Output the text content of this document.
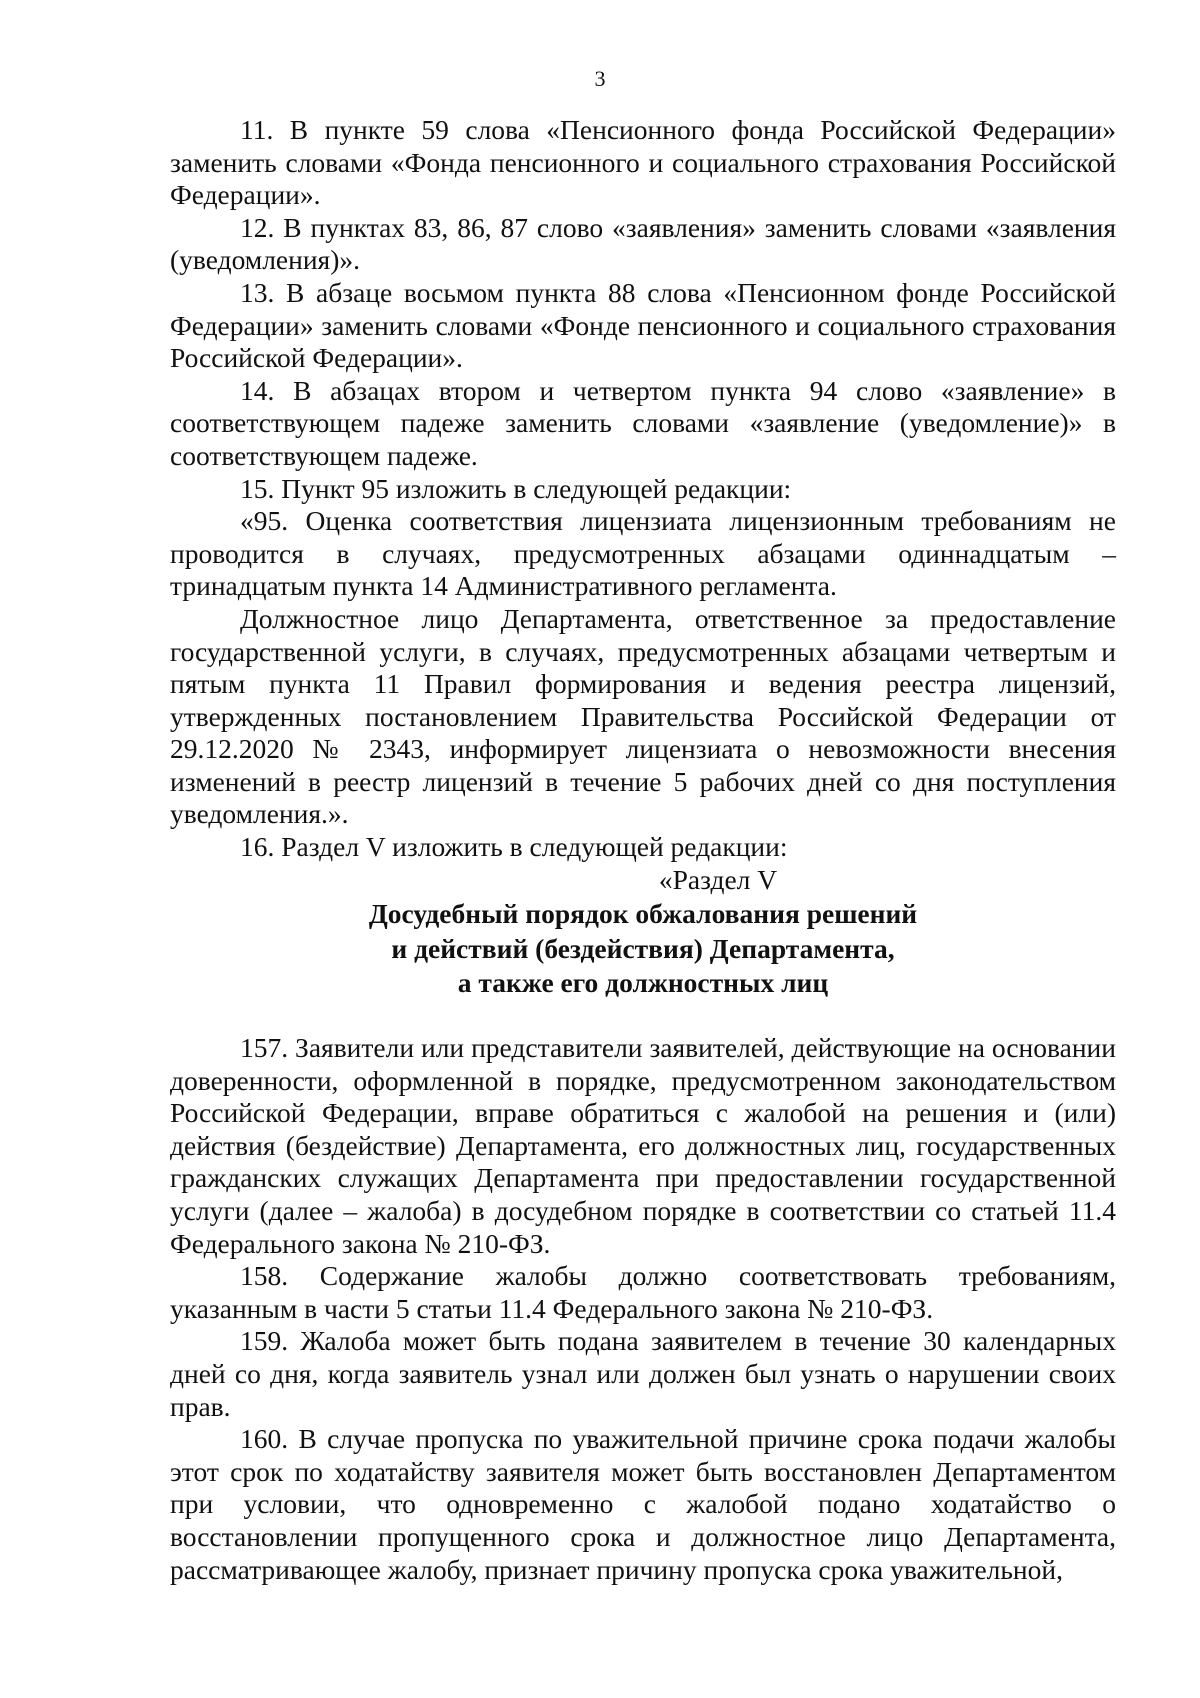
3

11. В пункте 59 слова «Пенсионного фонда Российской Федерации» заменить словами «Фонда пенсионного и социального страхования Российской Федерации».

12. В пунктах 83, 86, 87 слово «заявления» заменить словами «заявления (уведомления)».

13. В абзаце восьмом пункта 88 слова «Пенсионном фонде Российской Федерации» заменить словами «Фонде пенсионного и социального страхования Российской Федерации».

14. В абзацах втором и четвертом пункта 94 слово «заявление» в соответствующем падеже заменить словами «заявление (уведомление)» в соответствующем падеже.

15. Пункт 95 изложить в следующей редакции:

«95. Оценка соответствия лицензиата лицензионным требованиям не проводится в случаях, предусмотренных абзацами одиннадцатым – тринадцатым пункта 14 Административного регламента.

Должностное лицо Департамента, ответственное за предоставление государственной услуги, в случаях, предусмотренных абзацами четвертым и пятым пункта 11 Правил формирования и ведения реестра лицензий, утвержденных постановлением Правительства Российской Федерации от 29.12.2020 № 2343, информирует лицензиата о невозможности внесения изменений в реестр лицензий в течение 5 рабочих дней со дня поступления уведомления.».

16. Раздел V изложить в следующей редакции:

«Раздел V

Досудебный порядок обжалования решений

и действий (бездействия) Департамента,

а также его должностных лиц

157. Заявители или представители заявителей, действующие на основании доверенности, оформленной в порядке, предусмотренном законодательством Российской Федерации, вправе обратиться с жалобой на решения и (или) действия (бездействие) Департамента, его должностных лиц, государственных гражданских служащих Департамента при предоставлении государственной услуги (далее – жалоба) в досудебном порядке в соответствии со статьей 11.4 Федерального закона № 210-ФЗ.

158. Содержание жалобы должно соответствовать требованиям, указанным в части 5 статьи 11.4 Федерального закона № 210-ФЗ.

159. Жалоба может быть подана заявителем в течение 30 календарных дней со дня, когда заявитель узнал или должен был узнать о нарушении своих прав.

160. В случае пропуска по уважительной причине срока подачи жалобы этот срок по ходатайству заявителя может быть восстановлен Департаментом при условии, что одновременно с жалобой подано ходатайство о восстановлении пропущенного срока и должностное лицо Департамента, рассматривающее жалобу, признает причину пропуска срока уважительной,
